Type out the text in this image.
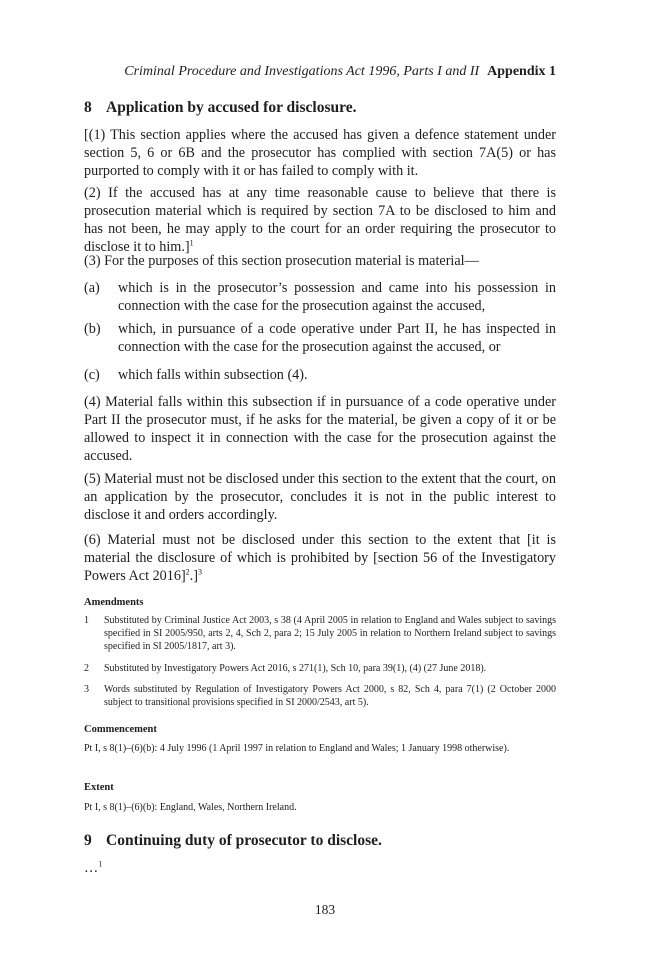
Criminal Procedure and Investigations Act 1996, Parts I and II Appendix 1

8 Application by accused for disclosure.

[(1) This section applies where the accused has given a defence statement under section 5, 6 or 6B and the prosecutor has complied with section 7A(5) or has purported to comply with it or has failed to comply with it.

(2) If the accused has at any time reasonable cause to believe that there is prosecution material which is required by section 7A to be disclosed to him and has not been, he may apply to the court for an order requiring the prosecutor to disclose it to him.]$^1$

(3) For the purposes of this section prosecution material is material—

(a) which is in the prosecutor’s possession and came into his possession in connection with the case for the prosecution against the accused,
(b) which, in pursuance of a code operative under Part II, he has inspected in connection with the case for the prosecution against the accused, or
(c) which falls within subsection (4).

(4) Material falls within this subsection if in pursuance of a code operative under Part II the prosecutor must, if he asks for the material, be given a copy of it or be allowed to inspect it in connection with the case for the prosecution against the accused.

(5) Material must not be disclosed under this section to the extent that the court, on an application by the prosecutor, concludes it is not in the public interest to disclose it and orders accordingly.

(6) Material must not be disclosed under this section to the extent that [it is material the disclosure of which is prohibited by [section 56 of the Investigatory Powers Act 2016]$^2$.]$^3$

Amendments

1 Substituted by Criminal Justice Act 2003, s 38 (4 April 2005 in relation to England and Wales subject to savings specified in SI 2005/950, arts 2, 4, Sch 2, para 2; 15 July 2005 in relation to Northern Ireland subject to savings specified in SI 2005/1817, art 3).
2 Substituted by Investigatory Powers Act 2016, s 271(1), Sch 10, para 39(1), (4) (27 June 2018).
3 Words substituted by Regulation of Investigatory Powers Act 2000, s 82, Sch 4, para 7(1) (2 October 2000 subject to transitional provisions specified in SI 2000/2543, art 5).

Commencement

Pt I, s 8(1)–(6)(b): 4 July 1996 (1 April 1997 in relation to England and Wales; 1 January 1998 otherwise).

Extent

Pt I, s 8(1)–(6)(b): England, Wales, Northern Ireland.

9 Continuing duty of prosecutor to disclose.

…$^1$

183
